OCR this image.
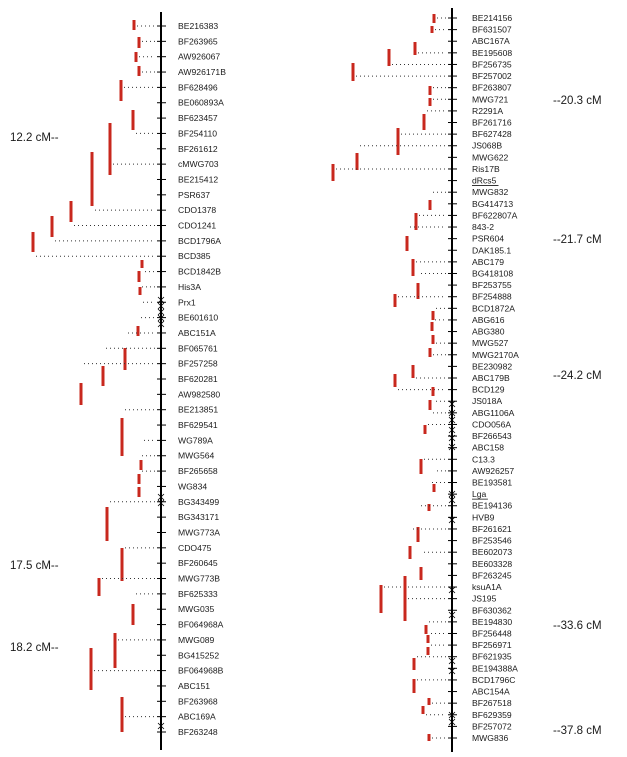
BE216383
BF263965
AW926067
AW926171B
BF628496
BE060893A
BF623457
BF254110
BF261612
cMWG703
BE215412
PSR637
CDO1378
CDO1241
BCD1796A
BCD385
BCD1842B
His3A
Prx1
BE601610
ABC151A
BF065761
BF257258
BF620281
AW982580
BE213851
BF629541
WG789A
MWG564
BF265658
WG834
BG343499
BG343171
MWG773A
CDO475
BF260645
MWG773B
BF625333
MWG035
BF064968A
MWG089
BG415252
BF064968B
ABC151
BF263968
ABC169A
BF263248
BE214156
BF631507
ABC167A
BE195608
BF256735
BF257002
BF263807
MWG721
R2291A
BF261716
BF627428
JS068B
MWG622
Ris17B
dRcs5
MWG832
BG414713
BF622807A
843-2
PSR604
DAK185.1
ABC179
BG418108
BF253755
BF254888
BCD1872A
ABG616
ABG380
MWG527
MWG2170A
BE230982
ABC179B
BCD129
JS018A
ABG1106A
CDO056A
BF266543
ABC158
C13.3
AW926257
BE193581
Lga
BE194136
HVB9
BF261621
BF253546
BE602073
BE603328
BF263245
ksuA1A
JS195
BF630362
BE194830
BF256448
BF256971
BF621935
BE194388A
BCD1796C
ABC154A
BF267518
BF629359
BF257072
MWG836
12.2 cM--
17.5 cM--
18.2 cM--
--20.3 cM
--21.7 cM
--24.2 cM
--33.6 cM
--37.8 cM
